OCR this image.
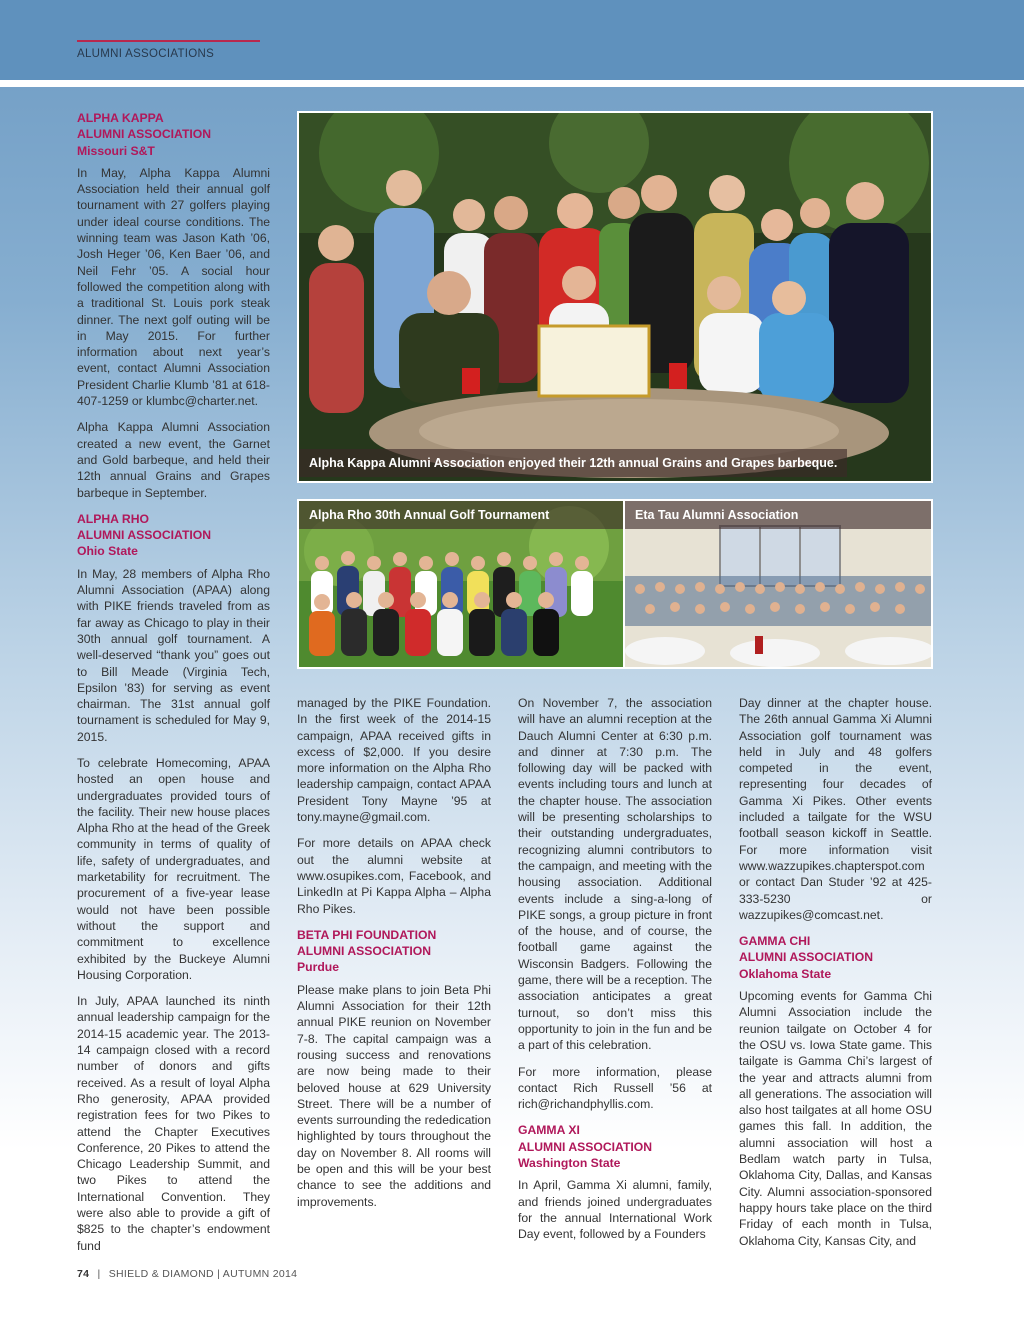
ALUMNI ASSOCIATIONS
Alpha Kappa Alumni Association enjoyed their 12th annual Grains and Grapes barbeque.
Alpha Rho 30th Annual Golf Tournament	Eta Tau Alumni Association
ALPHA KAPPA
ALUMNI ASSOCIATION
Missouri S&T

In May, Alpha Kappa Alumni Association held their annual golf tournament with 27 golfers playing under ideal course conditions. The winning team was Jason Kath ’06, Josh Heger ’06, Ken Baer ’06, and Neil Fehr ’05. A social hour followed the competition along with a traditional St. Louis pork steak dinner. The next golf outing will be in May 2015. For further information about next year’s event, contact Alumni Association President Charlie Klumb ’81 at 618-407-1259 or klumbc@charter.net.

Alpha Kappa Alumni Association created a new event, the Garnet and Gold barbeque, and held their 12th annual Grains and Grapes barbeque in September.

ALPHA RHO
ALUMNI ASSOCIATION
Ohio State

In May, 28 members of Alpha Rho Alumni Association (APAA) along with PIKE friends traveled from as far away as Chicago to play in their 30th annual golf tournament. A well-deserved “thank you” goes out to Bill Meade (Virginia Tech, Epsilon ’83) for serving as event chairman. The 31st annual golf tournament is scheduled for May 9, 2015.

To celebrate Homecoming, APAA hosted an open house and undergraduates provided tours of the facility. Their new house places Alpha Rho at the head of the Greek community in terms of quality of life, safety of undergraduates, and marketability for recruitment. The procurement of a five-year lease would not have been possible without the support and commitment to excellence exhibited by the Buckeye Alumni Housing Corporation.

In July, APAA launched its ninth annual leadership campaign for the 2014-15 academic year. The 2013-14 campaign closed with a record number of donors and gifts received. As a result of loyal Alpha Rho generosity, APAA provided registration fees for two Pikes to attend the Chapter Executives Conference, 20 Pikes to attend the Chicago Leadership Summit, and two Pikes to attend the International Convention. They were also able to provide a gift of $825 to the chapter’s endowment fund

managed by the PIKE Foundation. In the first week of the 2014-15 campaign, APAA received gifts in excess of $2,000. If you desire more information on the Alpha Rho leadership campaign, contact APAA President Tony Mayne ’95 at tony.mayne@gmail.com.

For more details on APAA check out the alumni website at www.osupikes.com, Facebook, and LinkedIn at Pi Kappa Alpha – Alpha Rho Pikes.

BETA PHI FOUNDATION
ALUMNI ASSOCIATION
Purdue

Please make plans to join Beta Phi Alumni Association for their 12th annual PIKE reunion on November 7-8. The capital campaign was a rousing success and renovations are now being made to their beloved house at 629 University Street. There will be a number of events surrounding the rededication highlighted by tours throughout the day on November 8. All rooms will be open and this will be your best chance to see the additions and improvements.

On November 7, the association will have an alumni reception at the Dauch Alumni Center at 6:30 p.m. and dinner at 7:30 p.m. The following day will be packed with events including tours and lunch at the chapter house. The association will be presenting scholarships to their outstanding undergraduates, recognizing alumni contributors to the campaign, and meeting with the housing association. Additional events include a sing-a-long of PIKE songs, a group picture in front of the house, and of course, the football game against the Wisconsin Badgers. Following the game, there will be a reception. The association anticipates a great turnout, so don’t miss this opportunity to join in the fun and be a part of this celebration.

For more information, please contact Rich Russell ’56 at rich@richandphyllis.com.

GAMMA XI
ALUMNI ASSOCIATION
Washington State

In April, Gamma Xi alumni, family, and friends joined undergraduates for the annual International Work Day event, followed by a Founders

Day dinner at the chapter house. The 26th annual Gamma Xi Alumni Association golf tournament was held in July and 48 golfers competed in the event, representing four decades of Gamma Xi Pikes. Other events included a tailgate for the WSU football season kickoff in Seattle. For more information visit www.wazzupikes.chapterspot.com or contact Dan Studer ’92 at 425-333-5230 or wazzupikes@comcast.net.

GAMMA CHI
ALUMNI ASSOCIATION
Oklahoma State

Upcoming events for Gamma Chi Alumni Association include the reunion tailgate on October 4 for the OSU vs. Iowa State game. This tailgate is Gamma Chi’s largest of the year and attracts alumni from all generations. The association will also host tailgates at all home OSU games this fall. In addition, the alumni association will host a Bedlam watch party in Tulsa, Oklahoma City, Dallas, and Kansas City. Alumni association-sponsored happy hours take place on the third Friday of each month in Tulsa, Oklahoma City, Kansas City, and

74 | SHIELD & DIAMOND | AUTUMN 2014
